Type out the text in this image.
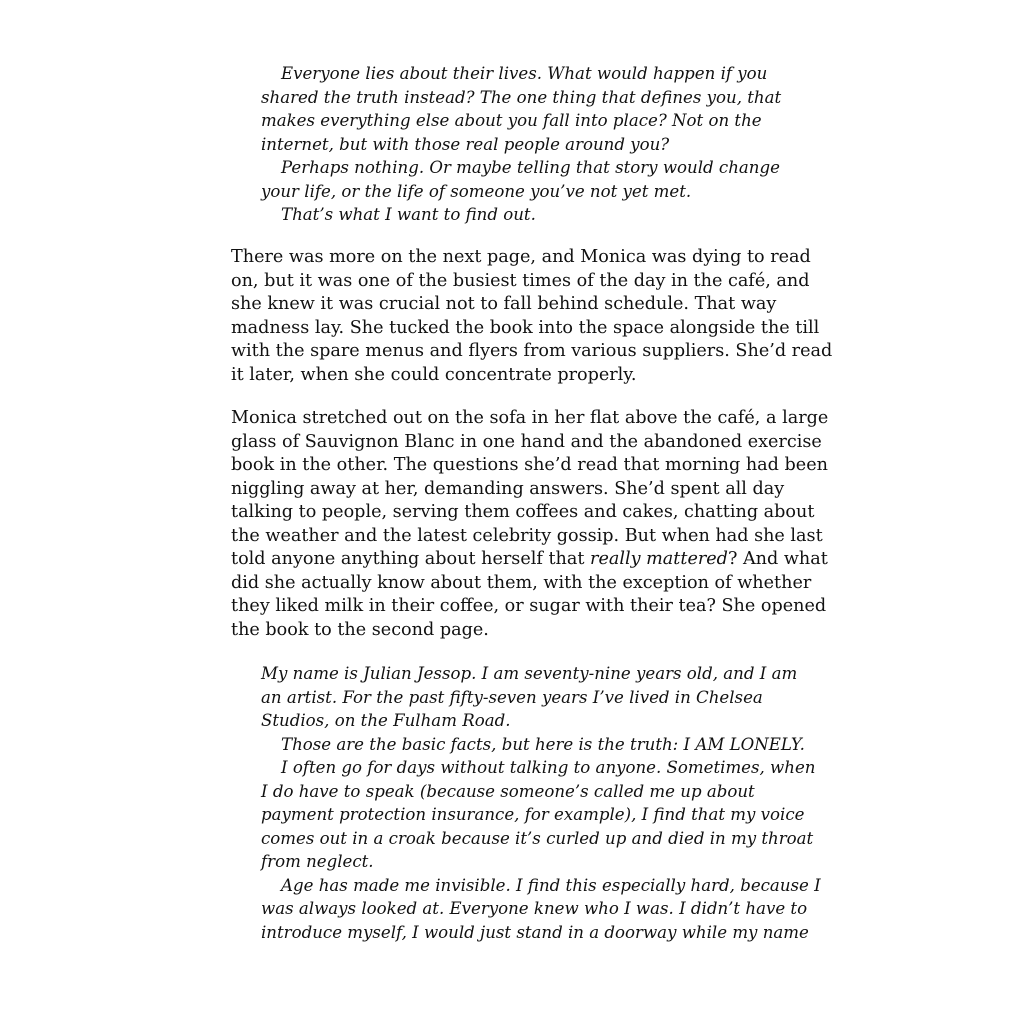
Everyone lies about their lives. What would happen if you
shared the truth instead? The one thing that defines you, that
makes everything else about you fall into place? Not on the
internet, but with those real people around you?
Perhaps nothing. Or maybe telling that story would change
your life, or the life of someone you’ve not yet met.
That’s what I want to find out.
There was more on the next page, and Monica was dying to read
on, but it was one of the busiest times of the day in the café, and
she knew it was crucial not to fall behind schedule. That way
madness lay. She tucked the book into the space alongside the till
with the spare menus and flyers from various suppliers. She’d read
it later, when she could concentrate properly.
Monica stretched out on the sofa in her flat above the café, a large
glass of Sauvignon Blanc in one hand and the abandoned exercise
book in the other. The questions she’d read that morning had been
niggling away at her, demanding answers. She’d spent all day
talking to people, serving them coffees and cakes, chatting about
the weather and the latest celebrity gossip. But when had she last
told anyone anything about herself that really mattered? And what
did she actually know about them, with the exception of whether
they liked milk in their coffee, or sugar with their tea? She opened
the book to the second page.
My name is Julian Jessop. I am seventy-nine years old, and I am
an artist. For the past fifty-seven years I’ve lived in Chelsea
Studios, on the Fulham Road.
Those are the basic facts, but here is the truth: I AM LONELY.
I often go for days without talking to anyone. Sometimes, when
I do have to speak (because someone’s called me up about
payment protection insurance, for example), I find that my voice
comes out in a croak because it’s curled up and died in my throat
from neglect.
Age has made me invisible. I find this especially hard, because I
was always looked at. Everyone knew who I was. I didn’t have to
introduce myself, I would just stand in a doorway while my name
